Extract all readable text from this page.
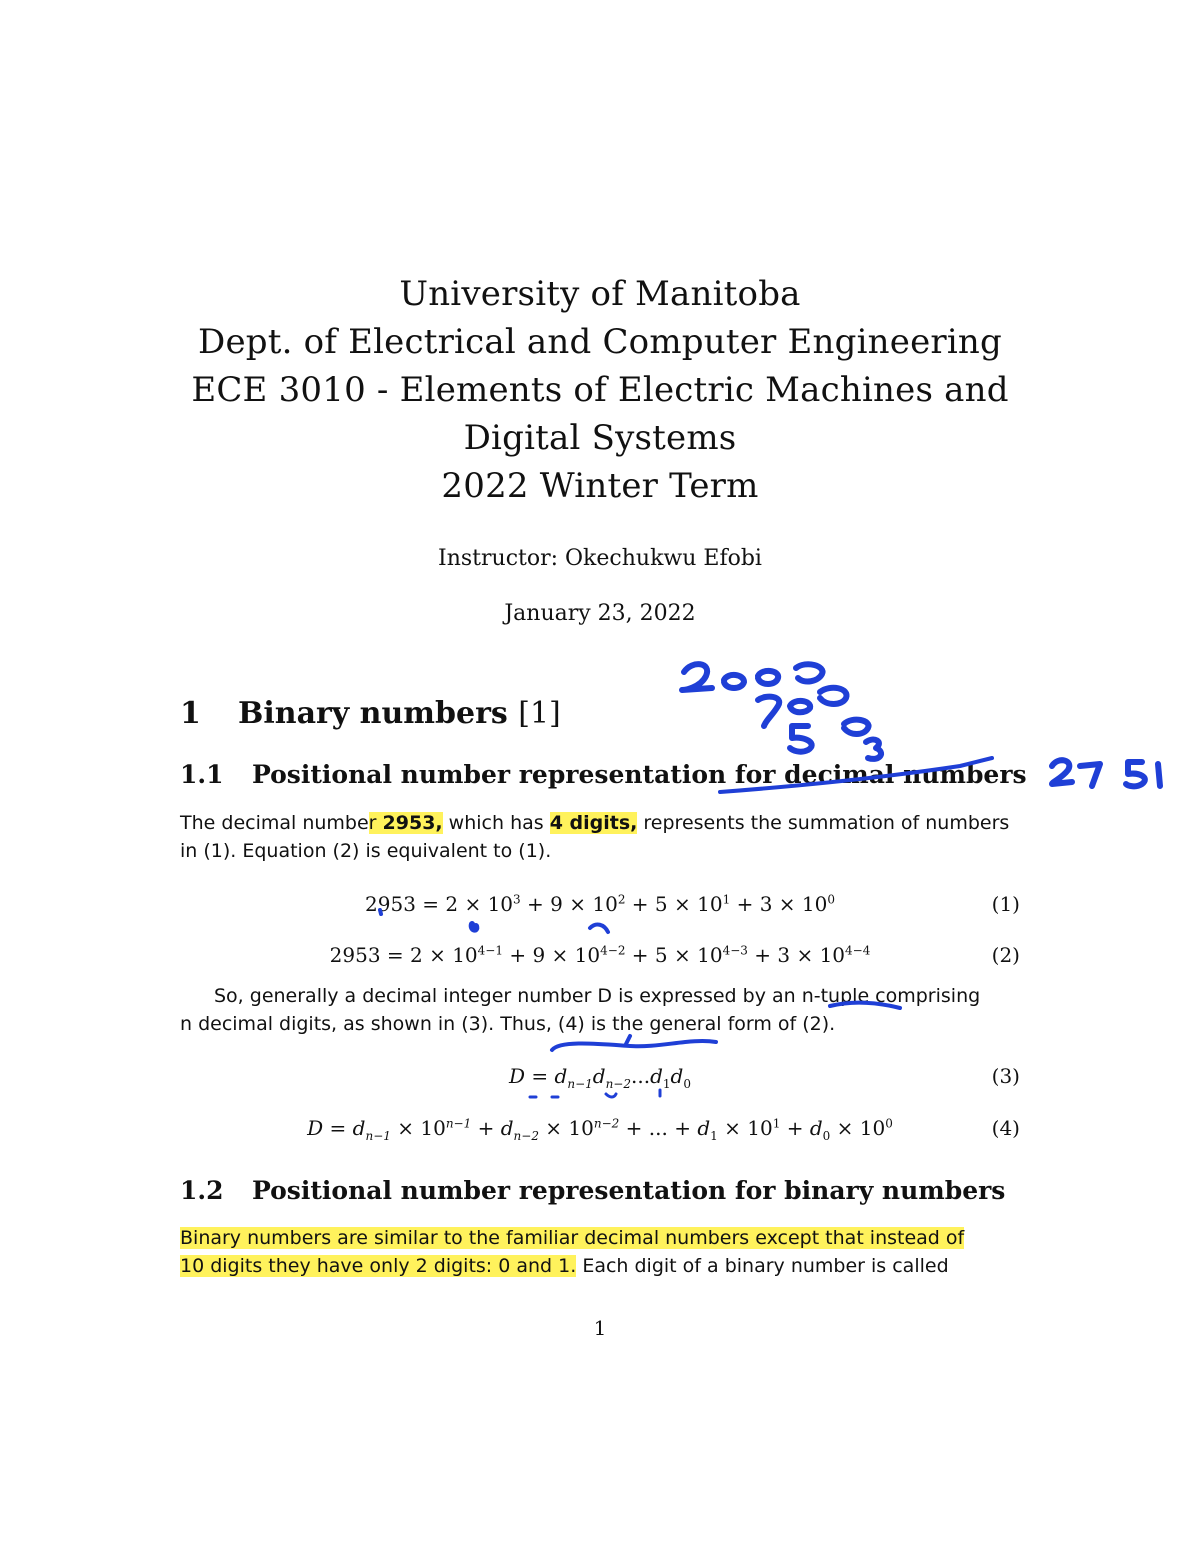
University of Manitoba
Dept. of Electrical and Computer Engineering
ECE 3010 - Elements of Electric Machines and
Digital Systems
2022 Winter Term
Instructor: Okechukwu Efobi
January 23, 2022
1 Binary numbers [1]
1.1 Positional number representation for decimal numbers
The decimal number 2953, which has 4 digits, represents the summation of numbers
in (1). Equation (2) is equivalent to (1).
$2953 = 2 \times 10^3 + 9 \times 10^2 + 5 \times 10^1 + 3 \times 10^0$	(1)
$2953 = 2 \times 10^{4-1} + 9 \times 10^{4-2} + 5 \times 10^{4-3} + 3 \times 10^{4-4}$	(2)
So, generally a decimal integer number D is expressed by an n-tuple comprising
n decimal digits, as shown in (3). Thus, (4) is the general form of (2).
$D = d_{n-1}d_{n-2}...d_1d_0$	(3)
$D = d_{n-1} \times 10^{n-1} + d_{n-2} \times 10^{n-2}$ + ... + $d_1 \times 10^1 + d_0 \times 10^0$	(4)
1.2 Positional number representation for binary numbers
Binary numbers are similar to the familiar decimal numbers except that instead of
10 digits they have only 2 digits: 0 and 1. Each digit of a binary number is called
1
